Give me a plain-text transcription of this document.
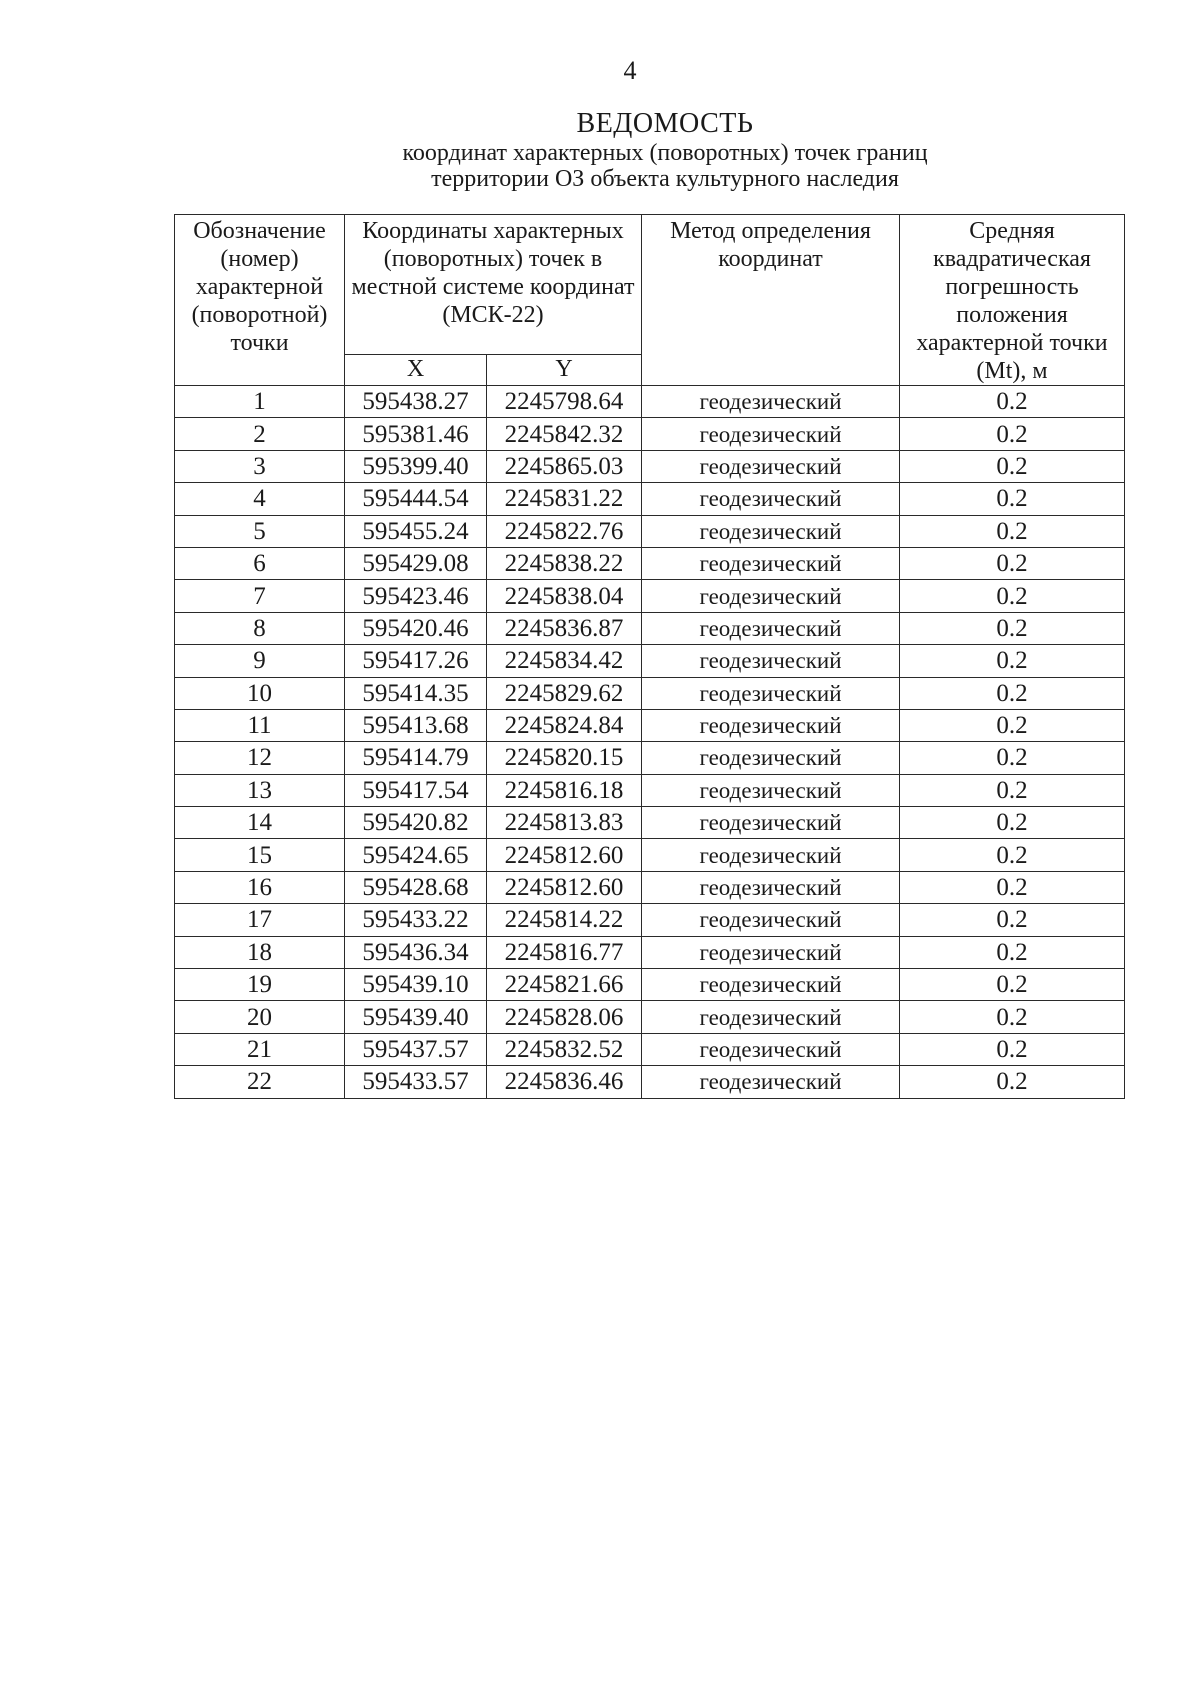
4
ВЕДОМОСТЬ
координат характерных (поворотных) точек границ
территории ОЗ объекта культурного наследия
Обозначение (номер) характерной (поворотной) точки	Координаты характерных (поворотных) точек в местной системе координат (МСК-22)		Метод определения координат	Средняя квадратическая погрешность положения характерной точки (Mt), м
	X	Y		
1	595438.27	2245798.64	геодезический	0.2
2	595381.46	2245842.32	геодезический	0.2
3	595399.40	2245865.03	геодезический	0.2
4	595444.54	2245831.22	геодезический	0.2
5	595455.24	2245822.76	геодезический	0.2
6	595429.08	2245838.22	геодезический	0.2
7	595423.46	2245838.04	геодезический	0.2
8	595420.46	2245836.87	геодезический	0.2
9	595417.26	2245834.42	геодезический	0.2
10	595414.35	2245829.62	геодезический	0.2
11	595413.68	2245824.84	геодезический	0.2
12	595414.79	2245820.15	геодезический	0.2
13	595417.54	2245816.18	геодезический	0.2
14	595420.82	2245813.83	геодезический	0.2
15	595424.65	2245812.60	геодезический	0.2
16	595428.68	2245812.60	геодезический	0.2
17	595433.22	2245814.22	геодезический	0.2
18	595436.34	2245816.77	геодезический	0.2
19	595439.10	2245821.66	геодезический	0.2
20	595439.40	2245828.06	геодезический	0.2
21	595437.57	2245832.52	геодезический	0.2
22	595433.57	2245836.46	геодезический	0.2
